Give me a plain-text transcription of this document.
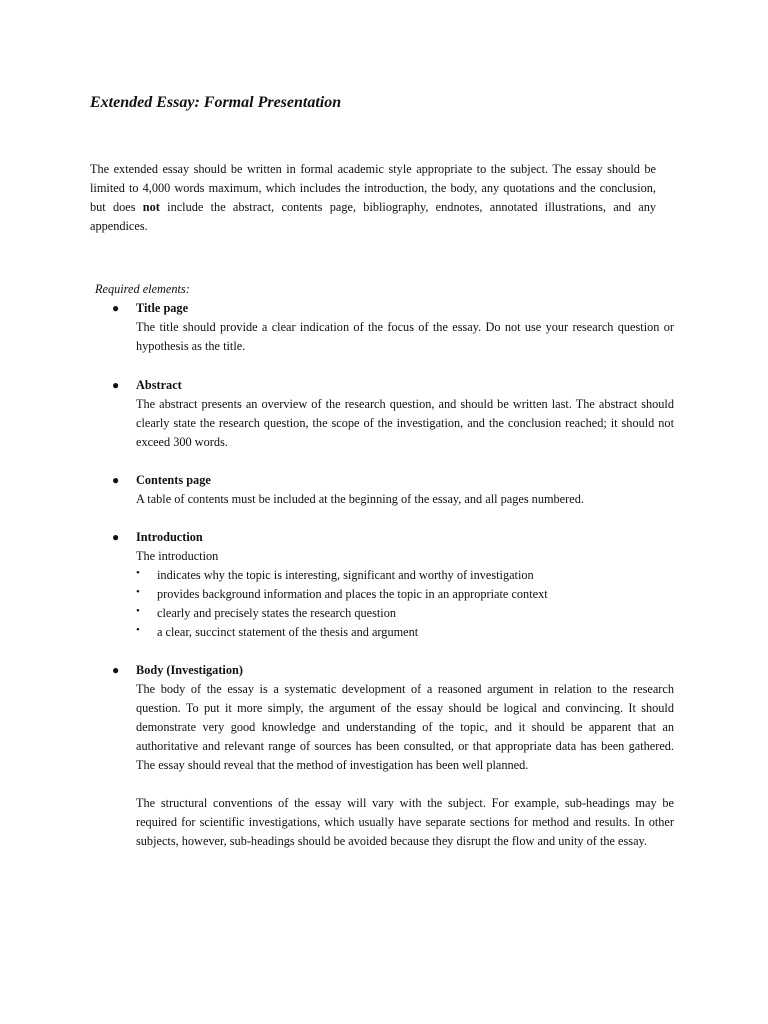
Extended Essay: Formal Presentation

The extended essay should be written in formal academic style appropriate to the subject. The essay should be limited to 4,000 words maximum, which includes the introduction, the body, any quotations and the conclusion, but does not include the abstract, contents page, bibliography, endnotes, annotated illustrations, and any appendices.

Required elements:

● Title page

The title should provide a clear indication of the focus of the essay. Do not use your research question or hypothesis as the title.

● Abstract

The abstract presents an overview of the research question, and should be written last. The abstract should clearly state the research question, the scope of the investigation, and the conclusion reached; it should not exceed 300 words.

● Contents page

A table of contents must be included at the beginning of the essay, and all pages numbered.

● Introduction

The introduction

• indicates why the topic is interesting, significant and worthy of investigation
• provides background information and places the topic in an appropriate context
• clearly and precisely states the research question
• a clear, succinct statement of the thesis and argument
● Body (Investigation)

The body of the essay is a systematic development of a reasoned argument in relation to the research question. To put it more simply, the argument of the essay should be logical and convincing. It should demonstrate very good knowledge and understanding of the topic, and it should be apparent that an authoritative and relevant range of sources has been consulted, or that appropriate data has been gathered. The essay should reveal that the method of investigation has been well planned.

The structural conventions of the essay will vary with the subject. For example, sub-headings may be required for scientific investigations, which usually have separate sections for method and results. In other subjects, however, sub-headings should be avoided because they disrupt the flow and unity of the essay.
